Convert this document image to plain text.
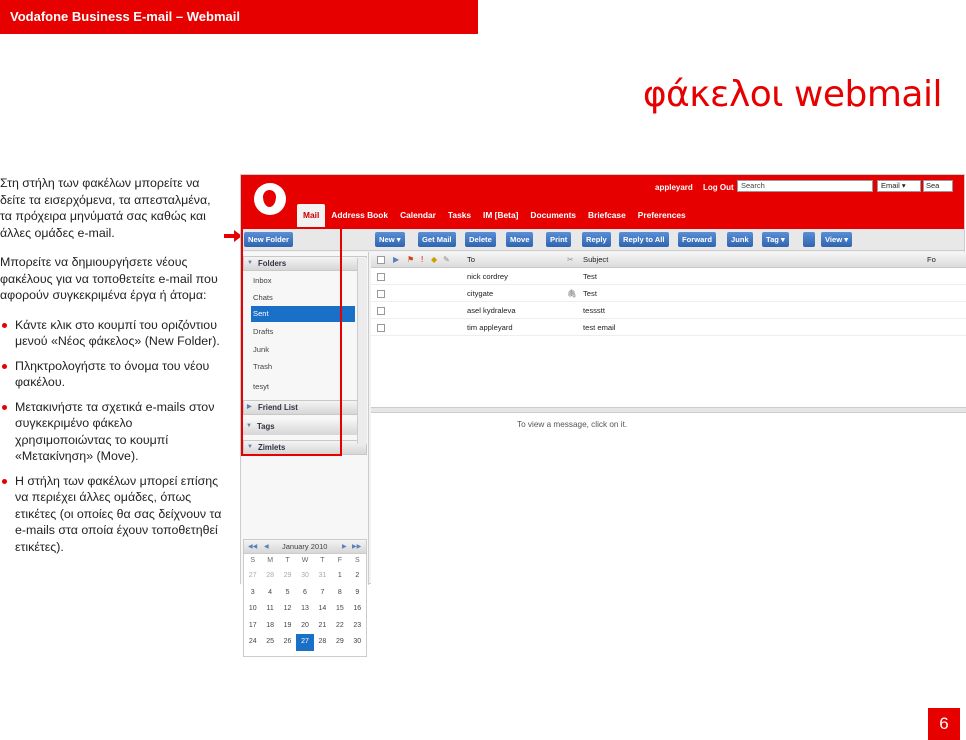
Vodafone Business E-mail – Webmail
φάκελοι webmail

Στη στήλη των φακέλων μπορείτε να δείτε τα εισερχόμενα, τα απεσταλμένα, τα πρόχειρα μηνύματά σας καθώς και άλλες ομάδες e-mail.

Μπορείτε να δημιουργήσετε νέους φακέλους για να τοποθετείτε e-mail που αφορούν συγκεκριμένα έργα ή άτομα:

Κάντε κλικ στο κουμπί του οριζόντιου μενού «Νέος φάκελος» (New Folder).
Πληκτρολογήστε το όνομα του νέου φακέλου.
Μετακινήστε τα σχετικά e-mails στον συγκεκριμένο φάκελο χρησιμοποιώντας το κουμπί «Μετακίνηση» (Move).
Η στήλη των φακέλων μπορεί επίσης να περιέχει άλλες ομάδες, όπως ετικέτες (οι οποίες θα σας δείχνουν τα e-mails στα οποία έχουν τοποθετηθεί ετικέτες).
appleyard Log Out Search	Email ▾	Sea
Mail	Address Book	Calendar	Tasks	IM [Beta]	Documents	Briefcase	Preferences
New Folder	New ▾	Get Mail	Delete	Move	Print	Reply	Reply to All	Forward	Junk	Tag ▾	View ▾
▼ Folders
Inbox
Chats
Sent
Drafts
Junk
Trash
tesyt
▶ Friend List
▼ Tags
▼ Zimlets
◀◀ ◀ January 2010 ▶ ▶▶
S	M	T	W	T	F	S
27	28	29	30	31	1	2
3	4	5	6	7	8	9
10	11	12	13	14	15	16
17	18	19	20	21	22	23
24	25	26	27	28	29	30
▶ ⚑ ! ◆ ✎ To	✂ Subject	Fo
nick cordrey	Test
citygate	🖇 Test
asel kydraleva	tessstt
tim appleyard	test email
To view a message, click on it.
6
